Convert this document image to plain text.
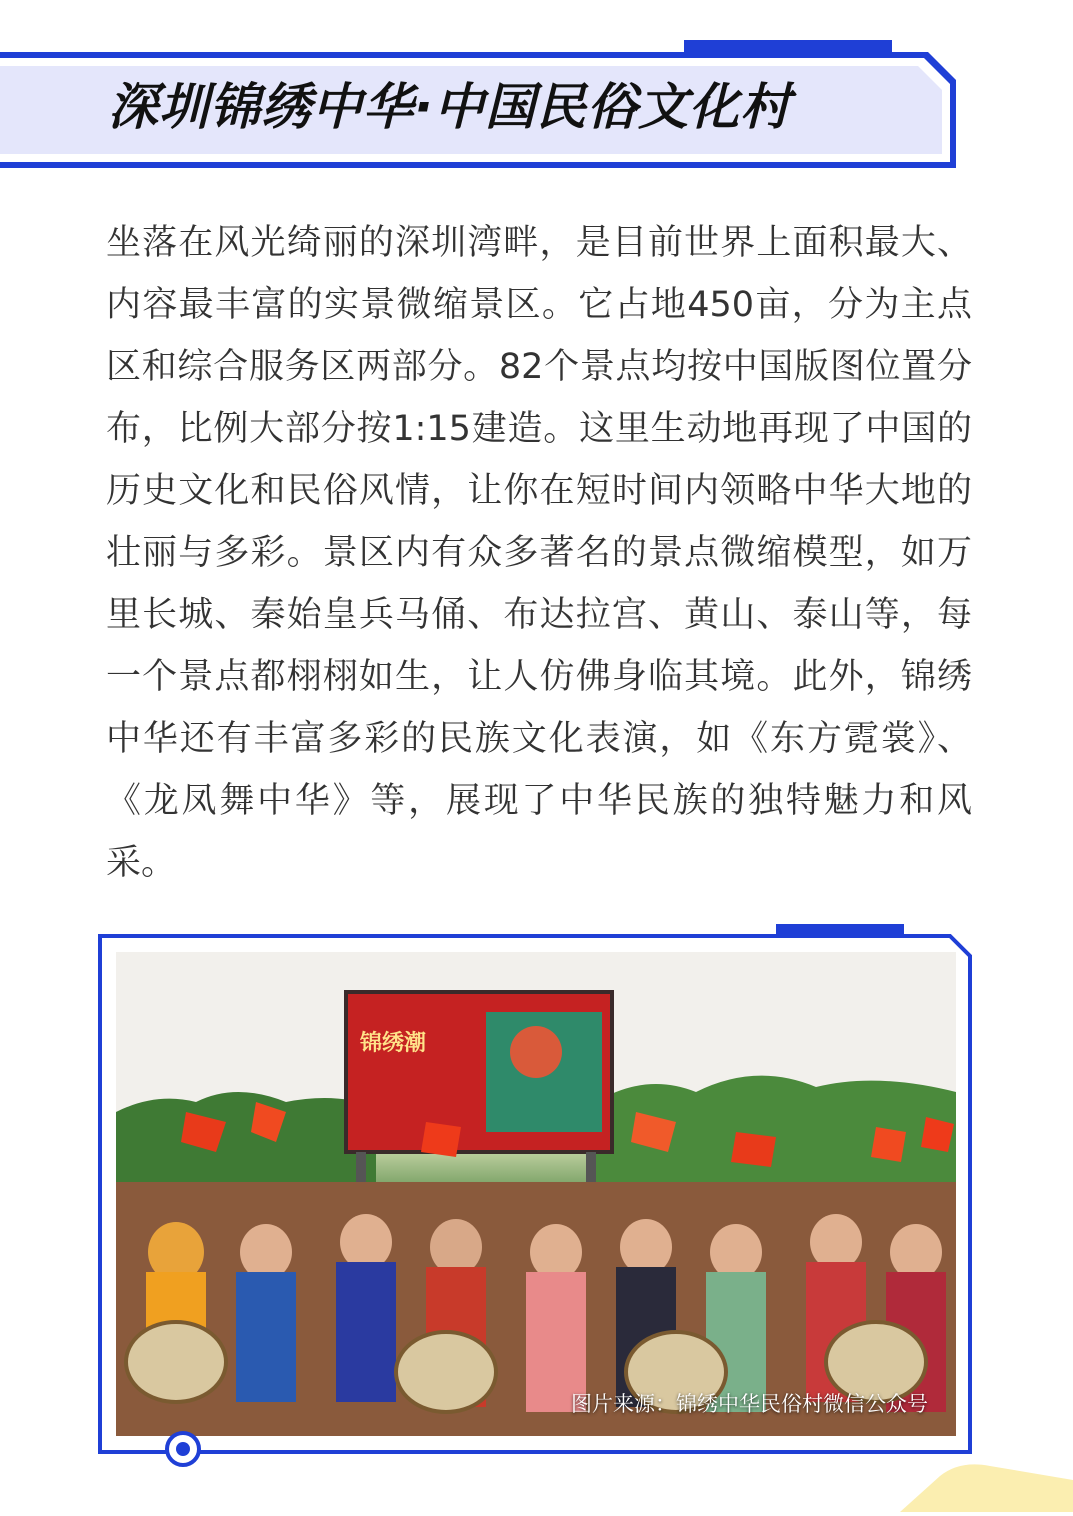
深圳锦绣中华·中国民俗文化村

坐落在风光绮丽的深圳湾畔，是目前世界上面积最大、内容最丰富的实景微缩景区。它占地450亩，分为主点区和综合服务区两部分。82个景点均按中国版图位置分布，比例大部分按1:15建造。这里生动地再现了中国的历史文化和民俗风情，让你在短时间内领略中华大地的壮丽与多彩。景区内有众多著名的景点微缩模型，如万里长城、秦始皇兵马俑、布达拉宫、黄山、泰山等，每一个景点都栩栩如生，让人仿佛身临其境。此外，锦绣中华还有丰富多彩的民族文化表演，如《东方霓裳》、《龙凤舞中华》等，展现了中华民族的独特魅力和风采。

锦绣潮
图片来源：锦绣中华民俗村微信公众号
